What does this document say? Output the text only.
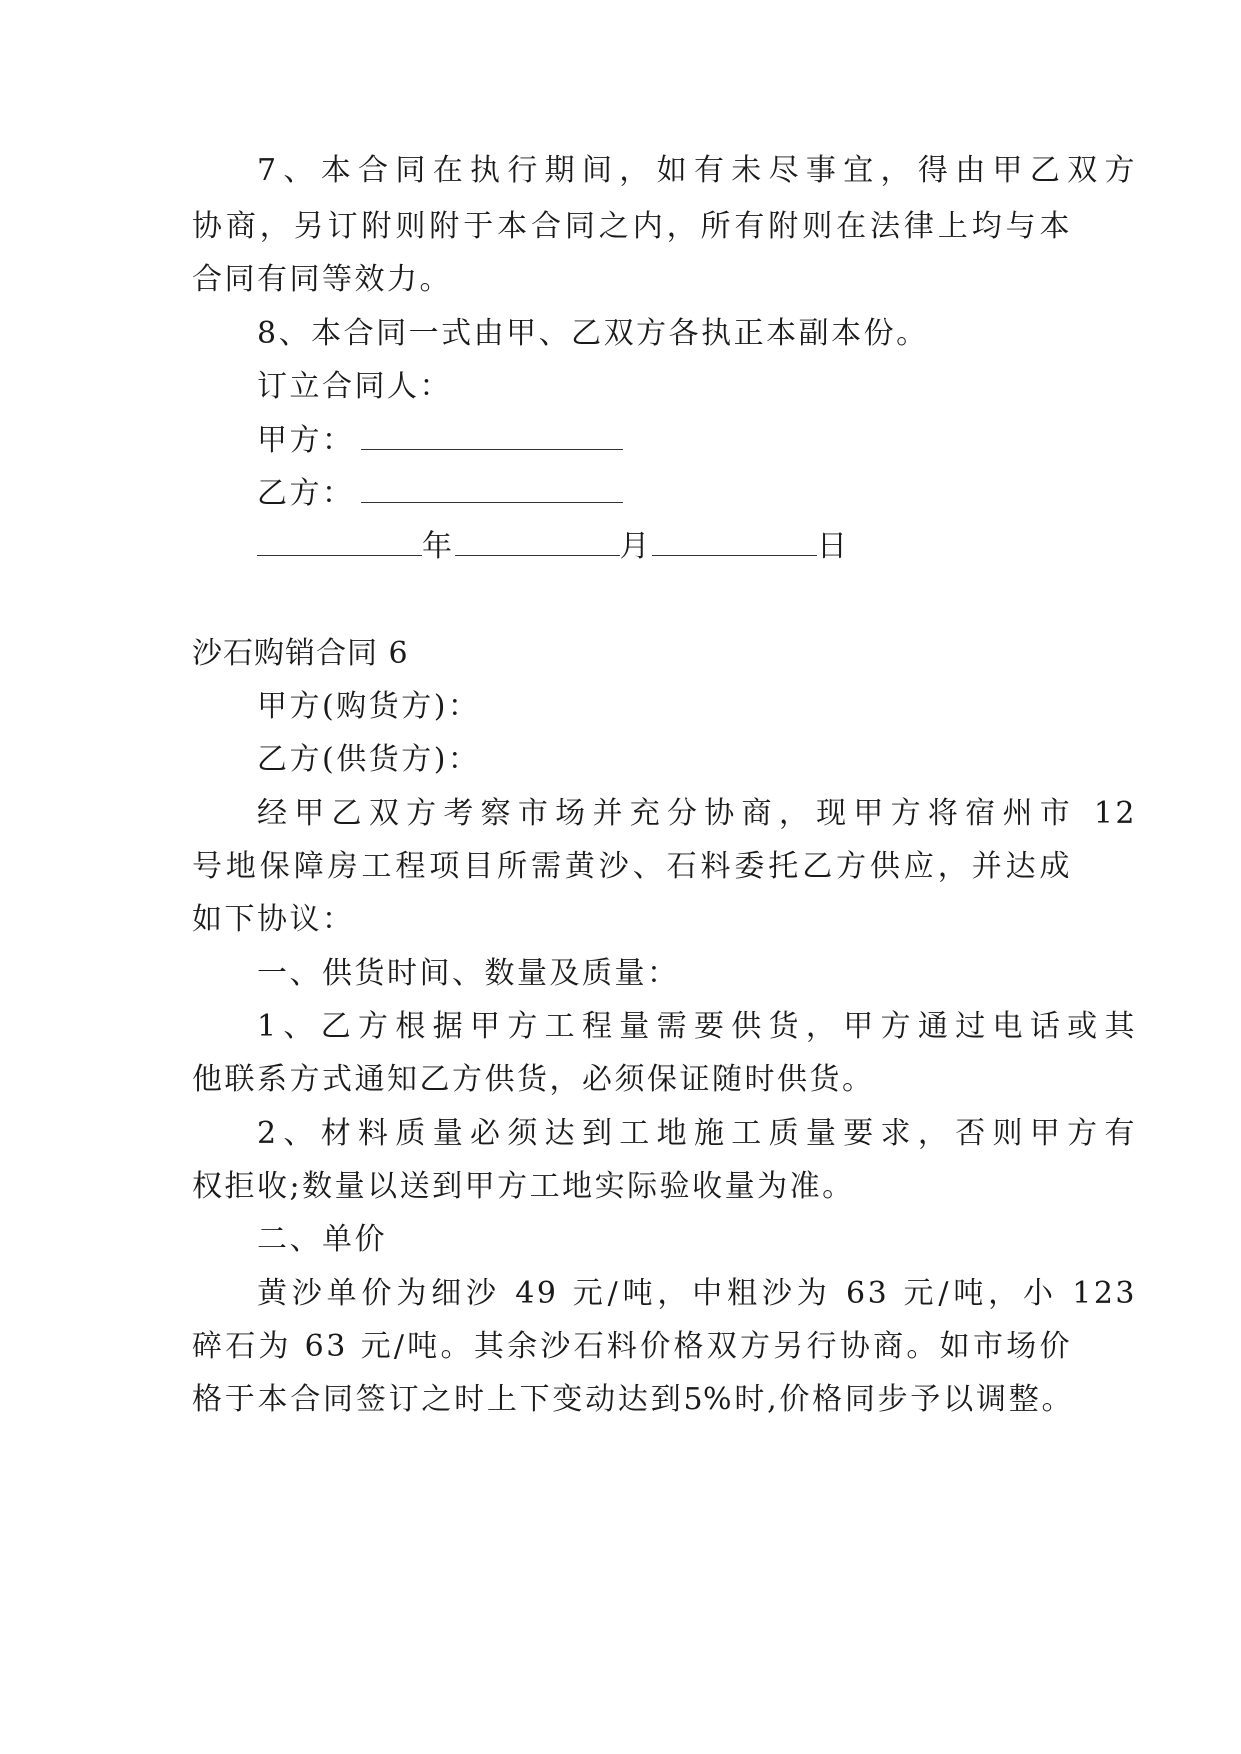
7、本合同在执行期间，如有未尽事宜，得由甲乙双方
协商，另订附则附于本合同之内，所有附则在法律上均与本
合同有同等效力。
8、本合同一式由甲、乙双方各执正本副本份。
订立合同人：
甲方：
乙方：
年	月	日
沙石购销合同 6
甲方(购货方)：
乙方(供货方)：
经甲乙双方考察市场并充分协商，现甲方将宿州市 12
号地保障房工程项目所需黄沙、石料委托乙方供应，并达成
如下协议：
一、供货时间、数量及质量：
1、乙方根据甲方工程量需要供货，甲方通过电话或其
他联系方式通知乙方供货，必须保证随时供货。
2、材料质量必须达到工地施工质量要求，否则甲方有
权拒收;数量以送到甲方工地实际验收量为准。
二、单价
黄沙单价为细沙 49 元/吨，中粗沙为 63 元/吨，小 123
碎石为 63 元/吨。其余沙石料价格双方另行协商。如市场价
格于本合同签订之时上下变动达到5%时,价格同步予以调整。
